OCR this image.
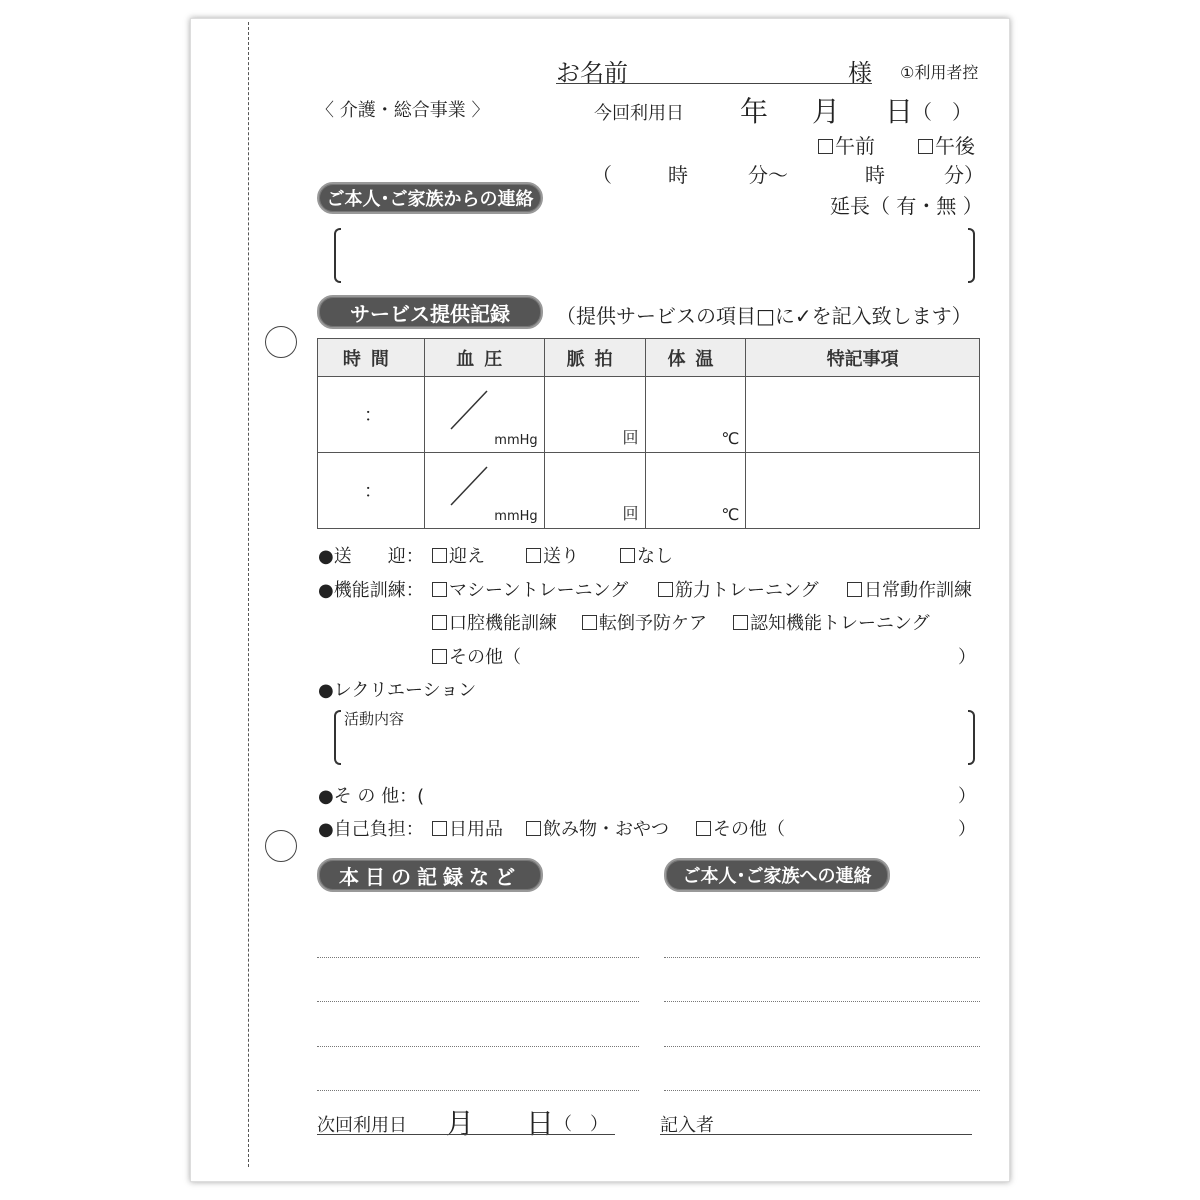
お名前	様 ①利用者控
〈 介護・総合事業 〉	今回利用日 年 月 日
（　）
午前	午後
（	時	分～	時	分）
延長（ 有・無 ）
ご本人･ご家族からの連絡
サービス提供記録	（提供サービスの項目□に✓を記入致します）
時間	血圧	脈拍	体温	特記事項

：	mmHg	回	℃	

：	mmHg	回	℃	

●送　　迎：	迎え	送り	なし
●機能訓練：	マシーントレーニング	筋力トレーニング	日常動作訓練
口腔機能訓練	転倒予防ケア	認知機能トレーニング
その他（	）
●レクリエーション
活動内容
●そ の 他：(	）
●自己負担：	日用品	飲み物・おやつ	その他（	）
本日の記録など	ご本人･ご家族への連絡
次回利用日 月 日 （　）	記入者
